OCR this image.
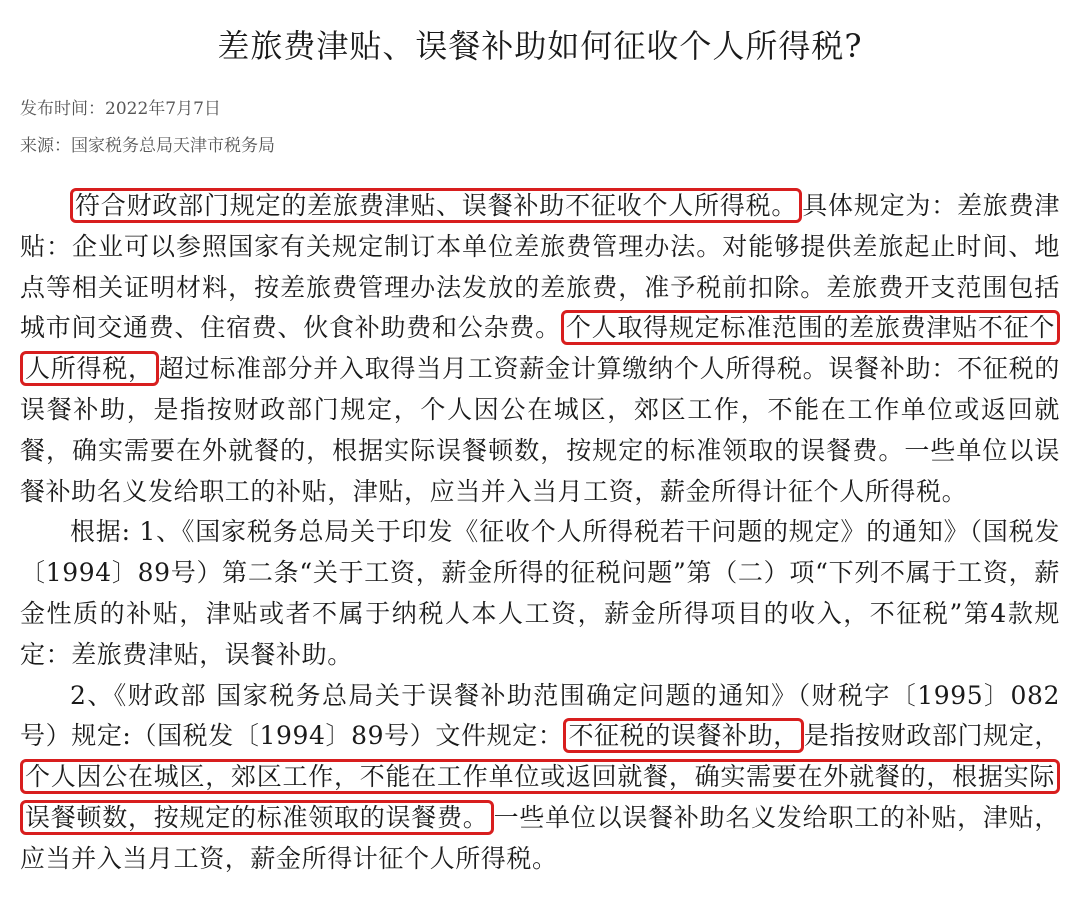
差旅费津贴、误餐补助如何征收个人所得税?
发布时间：2022年7月7日
来源：国家税务总局天津市税务局

符合财政部门规定的差旅费津贴、误餐补助不征收个人所得税。 具体规定为：差旅费津贴：企业可以参照国家有关规定制订本单位差旅费管理办法。对能够提供差旅起止时间、地点等相关证明材料，按差旅费管理办法发放的差旅费，准予税前扣除。差旅费开支范围包括城市间交通费、住宿费、伙食补助费和公杂费。 个人取得规定标准范围的差旅费津贴不征个人所得税， 超过标准部分并入取得当月工资薪金计算缴纳个人所得税。误餐补助：不征税的误餐补助，是指按财政部门规定，个人因公在城区，郊区工作，不能在工作单位或返回就餐，确实需要在外就餐的，根据实际误餐顿数，按规定的标准领取的误餐费。一些单位以误餐补助名义发给职工的补贴，津贴，应当并入当月工资，薪金所得计征个人所得税。

根据: 1、《国家税务总局关于印发《征收个人所得税若干问题的规定》的通知》（国税发〔1994〕89号）第二条“关于工资，薪金所得的征税问题”第（二）项“下列不属于工资，薪金性质的补贴，津贴或者不属于纳税人本人工资，薪金所得项目的收入，不征税”第4款规定：差旅费津贴，误餐补助。

2、《财政部 国家税务总局关于误餐补助范围确定问题的通知》（财税字〔1995〕082号）规定:（国税发〔1994〕89号）文件规定： 不征税的误餐补助， 是指按财政部门规定，个人因公在城区，郊区工作，不能在工作单位或返回就餐，确实需要在外就餐的，根据实际误餐顿数，按规定的标准领取的误餐费。 一些单位以误餐补助名义发给职工的补贴，津贴，应当并入当月工资，薪金所得计征个人所得税。
